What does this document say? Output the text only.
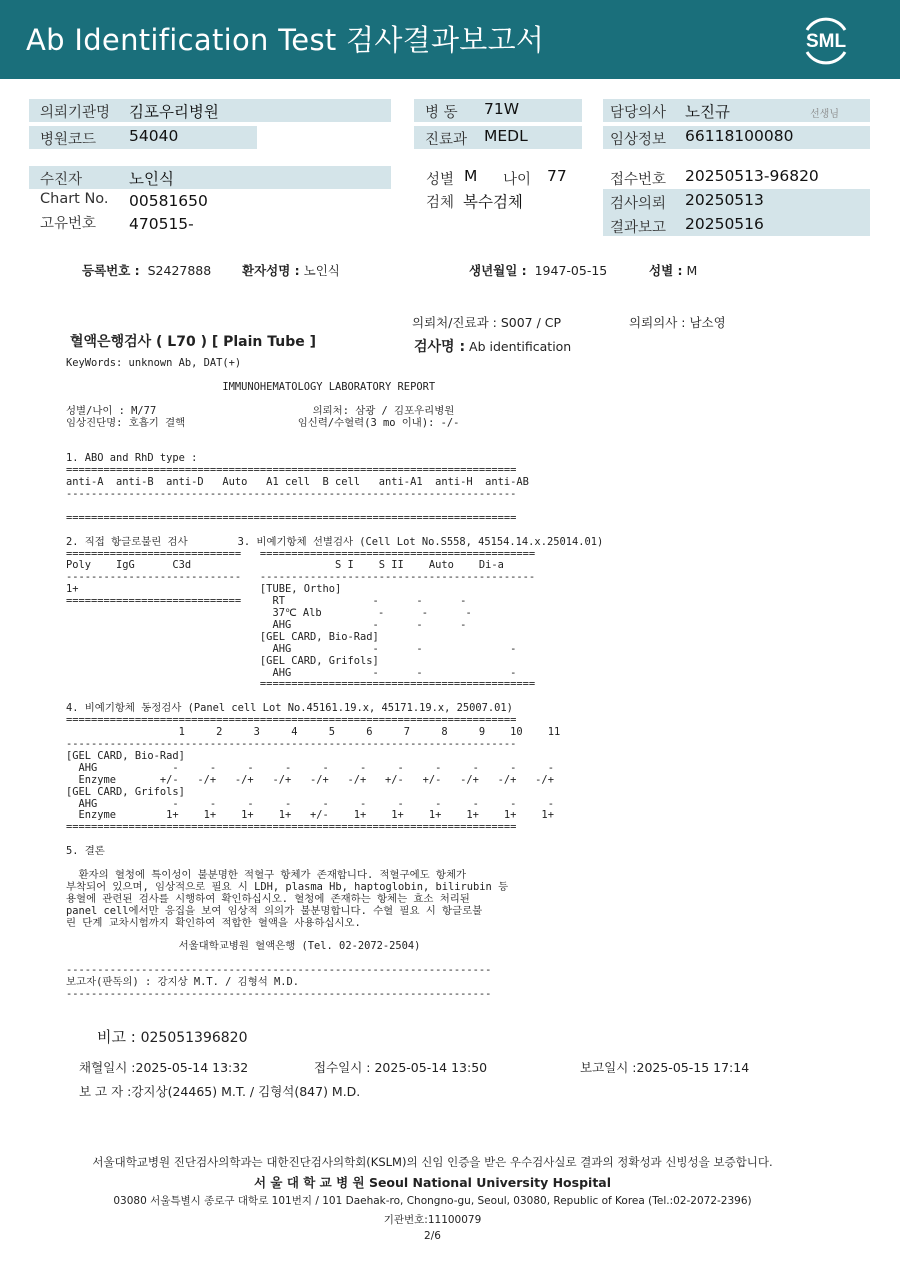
Ab Identification Test 검사결과보고서	SML
의뢰기관명 김포우리병원	병 동 71W	담당의사 노진규	선생님
병원코드 54040	진료과 MEDL	임상정보 66118100080
수진자	노인식	성별 M 나이 77	접수번호 20250513-96820
Chart No. 00581650	검체 복수검체	검사의뢰 20250513
고유번호 470515-	결과보고 20250516
등록번호 : S2427888 환자성명 : 노인식	생년월일 : 1947-05-15	성별 : M
의뢰처/진료과 : S007 / CP	의뢰의사 : 남소영
혈액은행검사 ( L70 ) [ Plain Tube ]	검사명 : Ab identification
KeyWords: unknown Ab, DAT(+)

IMMUNOHEMATOLOGY LABORATORY REPORT

성별/나이 : M/77                         의뢰처: 삼광 / 김포우리병원
임상진단명: 호흡기 결핵                  임신력/수혈력(3 mo 이내): -/-

1. ABO and RhD type :
========================================================================
anti-A  anti-B  anti-D   Auto   A1 cell  B cell   anti-A1  anti-H  anti-AB
------------------------------------------------------------------------

========================================================================

2. 직접 항글로불린 검사        3. 비예기항체 선별검사 (Cell Lot No.S558, 45154.14.x.25014.01)
============================   ============================================
Poly    IgG      C3d                       S I    S II    Auto    Di-a
----------------------------   --------------------------------------------
1+                             [TUBE, Ortho]
============================     RT              -      -      -
37℃ Alb         -      -      -
AHG             -      -      -
[GEL CARD, Bio-Rad]
AHG             -      -              -
[GEL CARD, Grifols]
AHG             -      -              -
============================================

4. 비예기항체 동정검사 (Panel cell Lot No.45161.19.x, 45171.19.x, 25007.01)
========================================================================
1     2     3     4     5     6     7     8     9    10    11
------------------------------------------------------------------------
[GEL CARD, Bio-Rad]
AHG            -     -     -     -     -     -     -     -     -     -     -
Enzyme       +/-   -/+   -/+   -/+   -/+   -/+   +/-   +/-   -/+   -/+   -/+
[GEL CARD, Grifols]
AHG            -     -     -     -     -     -     -     -     -     -     -
Enzyme        1+    1+    1+    1+   +/-    1+    1+    1+    1+    1+    1+
========================================================================

5. 결론

환자의 혈청에 특이성이 불분명한 적혈구 항체가 존재합니다. 적혈구에도 항체가
부착되어 있으며, 임상적으로 필요 시 LDH, plasma Hb, haptoglobin, bilirubin 등
용혈에 관련된 검사를 시행하여 확인하십시오. 혈청에 존재하는 항체는 효소 처리된
panel cell에서만 응집을 보여 임상적 의의가 불분명합니다. 수혈 필요 시 항글로불
린 단계 교차시험까지 확인하여 적합한 혈액을 사용하십시오.

서울대학교병원 혈액은행 (Tel. 02-2072-2504)

--------------------------------------------------------------------
보고자(판독의) : 강지상 M.T. / 김형석 M.D.
--------------------------------------------------------------------
비고 : 025051396820
채혈일시 :2025-05-14 13:32	접수일시 : 2025-05-14 13:50	보고일시 :2025-05-15 17:14
보 고 자 :강지상(24465) M.T. / 김형석(847) M.D.
서울대학교병원 진단검사의학과는 대한진단검사의학회(KSLM)의 신임 인증을 받은 우수검사실로 결과의 정확성과 신빙성을 보증합니다.
서 울 대 학 교 병 원 Seoul National University Hospital
03080 서울특별시 종로구 대학로 101번지 / 101 Daehak-ro, Chongno-gu, Seoul, 03080, Republic of Korea (Tel.:02-2072-2396)
기관번호:11100079
2/6
